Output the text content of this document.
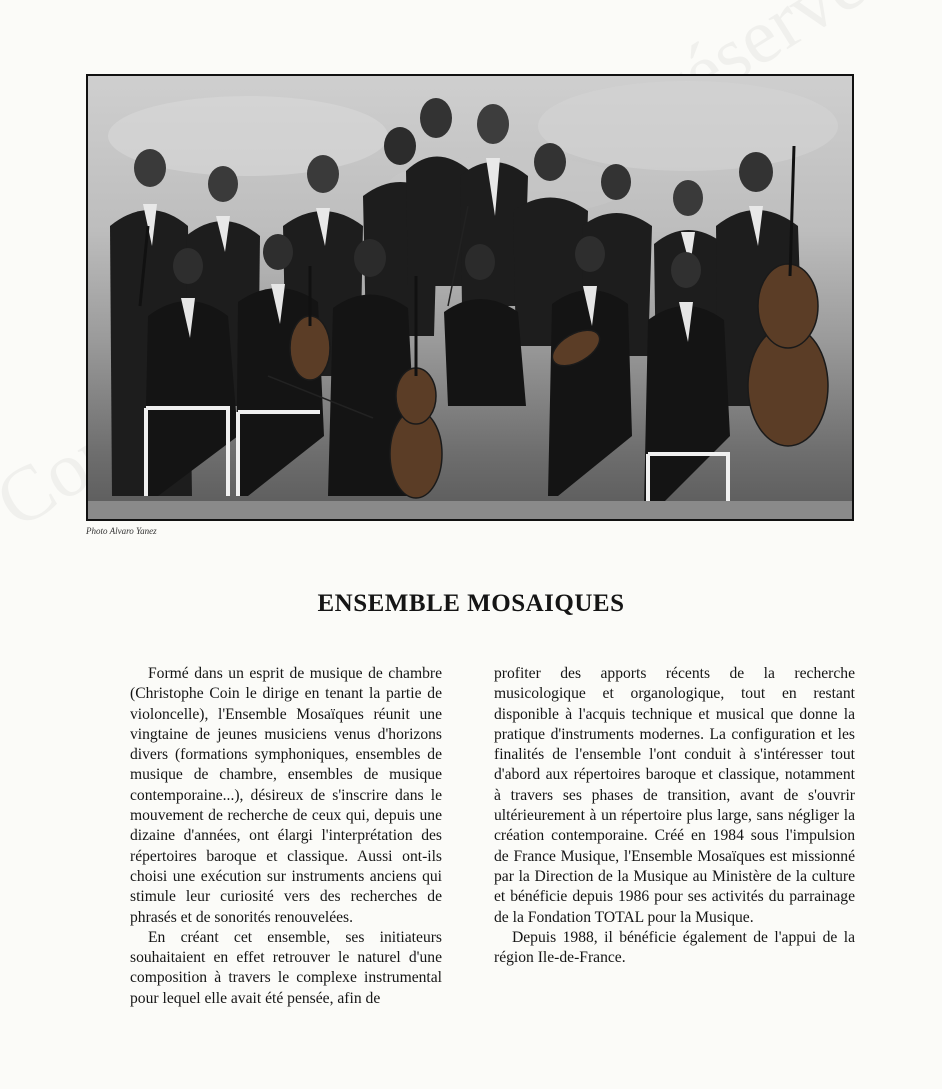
Photo Alvaro Yanez
ENSEMBLE MOSAIQUES

Formé dans un esprit de musique de chambre (Christophe Coin le dirige en tenant la partie de violoncelle), l'Ensemble Mosaïques réunit une vingtaine de jeunes musiciens venus d'horizons divers (formations symphoniques, ensembles de musique de chambre, ensembles de musique contemporaine...), désireux de s'inscrire dans le mouvement de recherche de ceux qui, depuis une dizaine d'années, ont élargi l'interprétation des répertoires baroque et classique. Aussi ont-ils choisi une exécution sur instruments anciens qui stimule leur curiosité vers des recherches de phrasés et de sonorités renouvelées.

En créant cet ensemble, ses initiateurs souhaitaient en effet retrouver le naturel d'une composition à travers le complexe instrumental pour lequel elle avait été pensée, afin de

profiter des apports récents de la recherche musicologique et organologique, tout en restant disponible à l'acquis technique et musical que donne la pratique d'instruments modernes. La configuration et les finalités de l'ensemble l'ont conduit à s'intéresser tout d'abord aux répertoires baroque et classique, notamment à travers ses phases de transition, avant de s'ouvrir ultérieurement à un répertoire plus large, sans négliger la création contemporaine. Créé en 1984 sous l'impulsion de France Musique, l'Ensemble Mosaïques est missionné par la Direction de la Musique au Ministère de la culture et bénéficie depuis 1986 pour ses activités du parrainage de la Fondation TOTAL pour la Musique.

Depuis 1988, il bénéficie également de l'appui de la région Ile-de-France.
